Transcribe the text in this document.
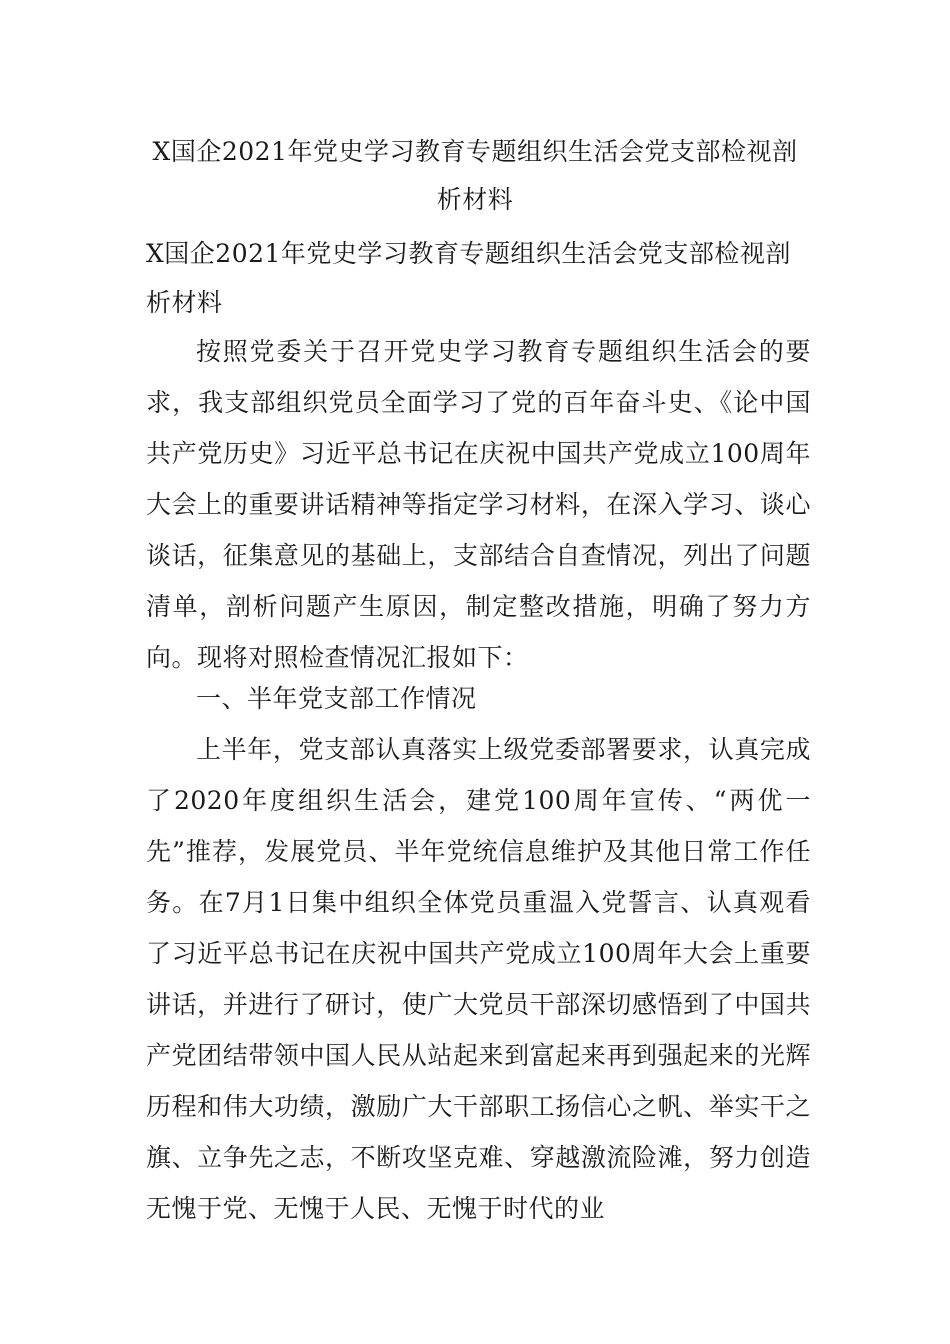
X国企2021年党史学习教育专题组织生活会党支部检视剖析材料
X国企2021年党史学习教育专题组织生活会党支部检视剖析材料

按照党委关于召开党史学习教育专题组织生活会的要求，我支部组织党员全面学习了党的百年奋斗史、《论中国共产党历史》习近平总书记在庆祝中国共产党成立100周年大会上的重要讲话精神等指定学习材料，在深入学习、谈心谈话，征集意见的基础上，支部结合自查情况，列出了问题清单，剖析问题产生原因，制定整改措施，明确了努力方向。现将对照检查情况汇报如下：

一、半年党支部工作情况

上半年，党支部认真落实上级党委部署要求，认真完成了2020年度组织生活会，建党100周年宣传、“两优一先”推荐，发展党员、半年党统信息维护及其他日常工作任务。在7月1日集中组织全体党员重温入党誓言、认真观看了习近平总书记在庆祝中国共产党成立100周年大会上重要讲话，并进行了研讨，使广大党员干部深切感悟到了中国共产党团结带领中国人民从站起来到富起来再到强起来的光辉历程和伟大功绩，激励广大干部职工扬信心之帆、举实干之旗、立争先之志，不断攻坚克难、穿越激流险滩，努力创造无愧于党、无愧于人民、无愧于时代的业
